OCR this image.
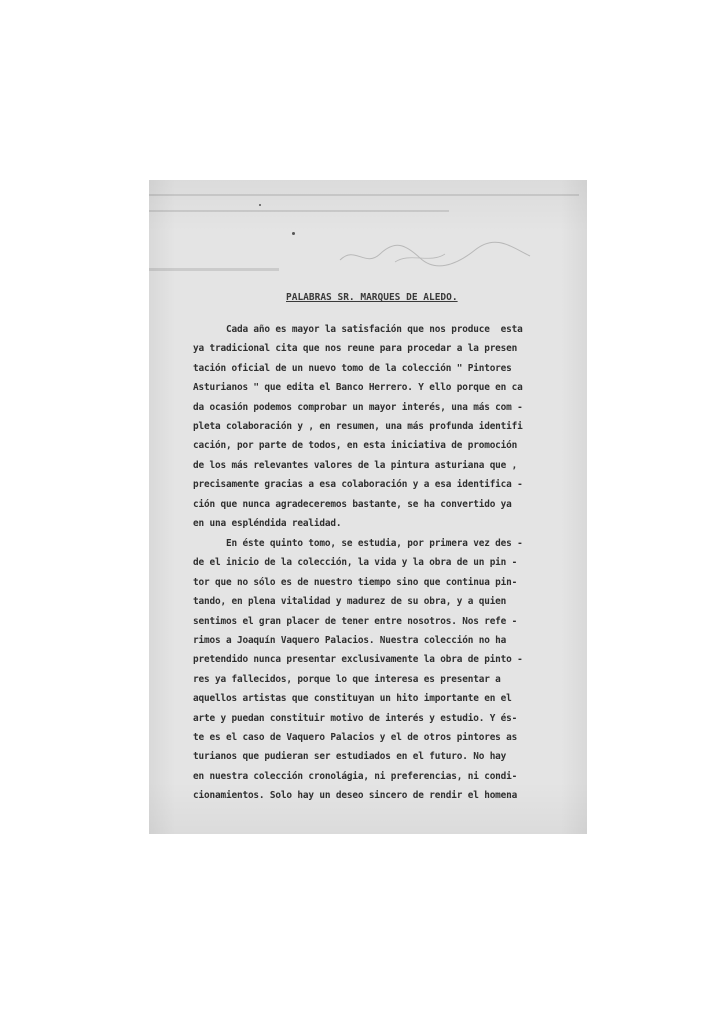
PALABRAS SR. MARQUES DE ALEDO.
Cada año es mayor la satisfación que nos produce  esta
ya tradicional cita que nos reune para procedar a la presen
tación oficial de un nuevo tomo de la colección " Pintores
Asturianos " que edita el Banco Herrero. Y ello porque en ca
da ocasión podemos comprobar un mayor interés, una más com -
pleta colaboración y , en resumen, una más profunda identifi
cación, por parte de todos, en esta iniciativa de promoción
de los más relevantes valores de la pintura asturiana que ,
precisamente gracias a esa colaboración y a esa identifica -
ción que nunca agradeceremos bastante, se ha convertido ya
en una espléndida realidad.
En éste quinto tomo, se estudia, por primera vez des -
de el inicio de la colección, la vida y la obra de un pin -
tor que no sólo es de nuestro tiempo sino que continua pin-
tando, en plena vitalidad y madurez de su obra, y a quien
sentimos el gran placer de tener entre nosotros. Nos refe -
rimos a Joaquín Vaquero Palacios. Nuestra colección no ha
pretendido nunca presentar exclusivamente la obra de pinto -
res ya fallecidos, porque lo que interesa es presentar a
aquellos artistas que constituyan un hito importante en el
arte y puedan constituir motivo de interés y estudio. Y és-
te es el caso de Vaquero Palacios y el de otros pintores as
turianos que pudieran ser estudiados en el futuro. No hay
en nuestra colección cronolágia, ni preferencias, ni condi-
cionamientos. Solo hay un deseo sincero de rendir el homena
